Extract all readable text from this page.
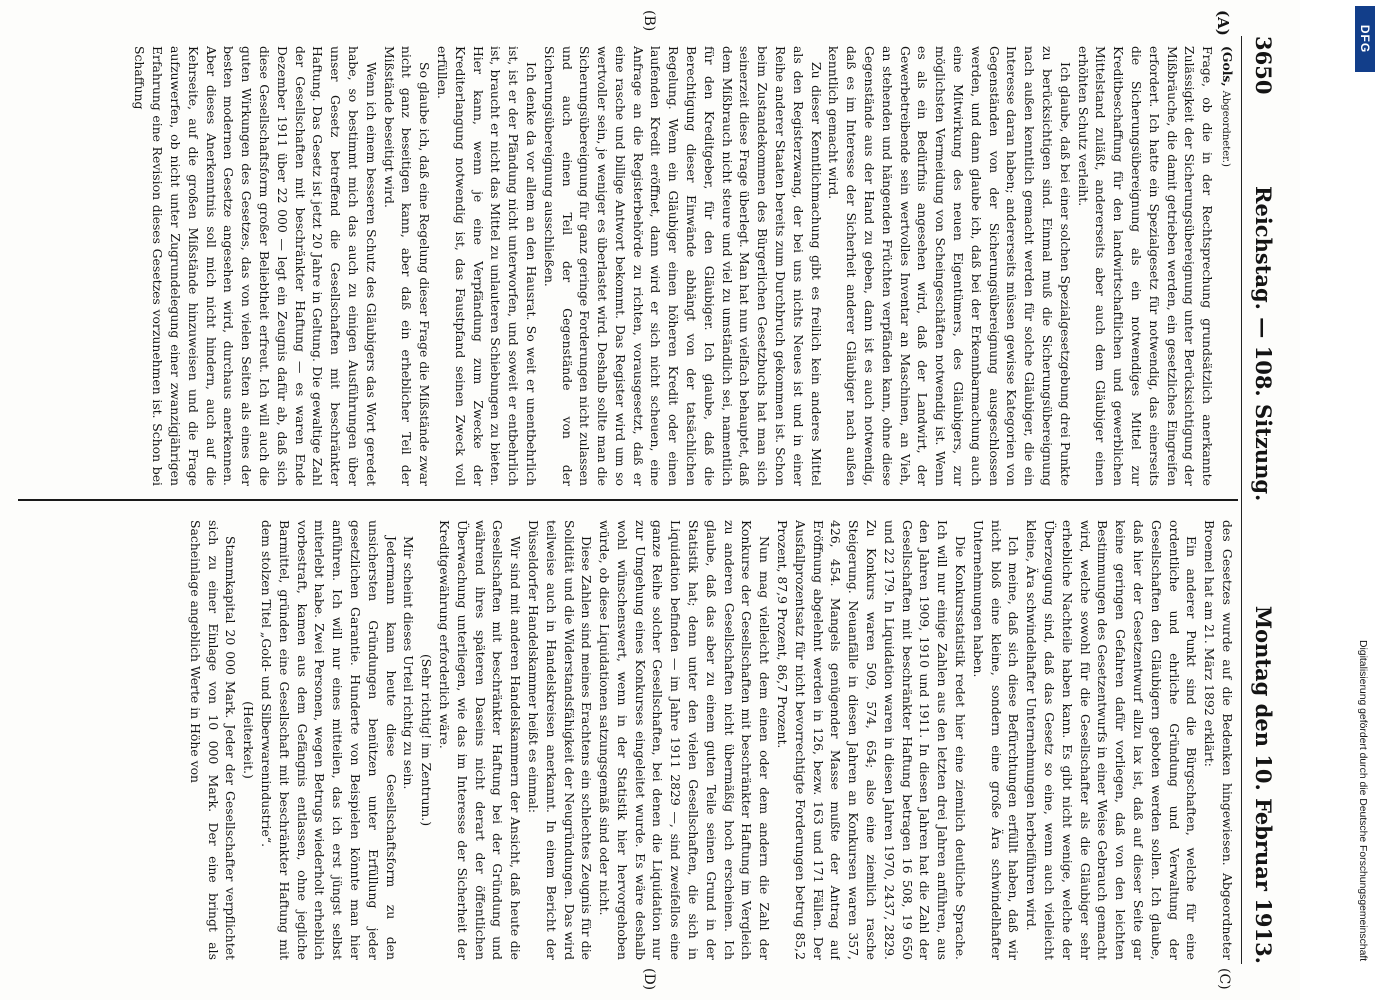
3650
Reichstag. — 108. Sitzung.
Montag den 10. Februar 1913.
(A)
(B)
(C)
(D)

(Gols, Abgeordneter.)

Frage, ob die in der Rechtsprechung grundsätzlich anerkannte Zulässigkeit der Sicherungsübereignung unter Berücksichtigung der Mißbräuche, die damit getrieben werden, ein gesetzliches Eingreifen erfordert. Ich hatte ein Spezialgesetz für notwendig, das einerseits die Sicherungsübereignung als ein notwendiges Mittel zur Kreditbeschaffung für den landwirtschaftlichen und gewerblichen Mittelstand zuläßt, andererseits aber auch dem Gläubiger einen erhöhten Schutz verleiht.

Ich glaube, daß bei einer solchen Spezialgesetzgebung drei Punkte zu berücksichtigen sind. Einmal muß die Sicherungsübereignung nach außen kenntlich gemacht werden für solche Gläubiger, die ein Interesse daran haben; andererseits müssen gewisse Kategorien von Gegenständen von der Sicherungsübereignung ausgeschlossen werden, und dann glaube ich, daß bei der Erkennbarmachung auch eine Mitwirkung des neuen Eigentümers, des Gläubigers, zur möglichsten Vermeidung von Scheingeschäften notwendig ist. Wenn es als ein Bedürfnis angesehen wird, daß der Landwirt, der Gewerbetreibende sein wertvolles Inventar an Maschinen, an Vieh, an stehenden und hängenden Früchten verpfänden kann, ohne diese Gegenstände aus der Hand zu geben, dann ist es auch notwendig, daß es im Interesse der Sicherheit anderer Gläubiger nach außen kenntlich gemacht wird.

Zu dieser Kenntlichmachung gibt es freilich kein anderes Mittel als den Registerzwang, der bei uns nichts Neues ist und in einer Reihe anderer Staaten bereits zum Durchbruch gekommen ist. Schon beim Zustandekommen des Bürgerlichen Gesetzbuchs hat man sich seinerzeit diese Frage überlegt. Man hat nun vielfach behauptet, daß dem Mißbrauch nicht steure und viel zu umständlich sei, namentlich für den Kreditgeber, für den Gläubiger. Ich glaube, daß die Berechtigung dieser Einwände abhängt von der tatsächlichen Regelung. Wenn ein Gläubiger einen höheren Kredit oder einen laufenden Kredit eröffnet, dann wird er sich nicht scheuen, eine Anfrage an die Registerbehörde zu richten, vorausgesetzt, daß er eine rasche und billige Antwort bekommt. Das Register wird um so wertvoller sein, je weniger es überlastet wird. Deshalb sollte man die Sicherungsübereignung für ganz geringe Forderungen nicht zulassen und auch einen Teil der Gegenstände von der Sicherungsübereignung ausschließen.

Ich denke da vor allem an den Hausrat. So weit er unentbehrlich ist, ist er der Pfändung nicht unterworfen, und soweit er entbehrlich ist, braucht er nicht das Mittel zu unlauteren Schiebungen zu bieten. Hier kann, wenn je eine Verpfändung zum Zwecke der Krediterlangung notwendig ist, das Faustpfand seinen Zweck voll erfüllen.

So glaube ich, daß eine Regelung dieser Frage die Mißstände zwar nicht ganz beseitigen kann, aber daß ein erheblicher Teil der Mißstände beseitigt wird.

Wenn ich einem besseren Schutz des Gläubigers das Wort geredet habe, so bestimmt mich das auch zu einigen Ausführungen über unser Gesetz betreffend die Gesellschaften mit beschränkter Haftung. Das Gesetz ist jetzt 20 Jahre in Geltung. Die gewaltige Zahl der Gesellschaften mit beschränkter Haftung — es waren Ende Dezember 1911 über 22 000 — legt ein Zeugnis dafür ab, daß sich diese Gesellschaftsform großer Beliebtheit erfreut. Ich will auch die guten Wirkungen des Gesetzes, das von vielen Seiten als eines der besten modernen Gesetze angesehen wird, durchaus anerkennen. Aber dieses Anerkenntnis soll mich nicht hindern, auch auf die Kehrseite, auf die großen Mißstände hinzuweisen und die Frage aufzuwerfen, ob nicht unter Zugrundelegung einer zwanzigjährigen Erfahrung eine Revision dieses Gesetzes vorzunehmen ist. Schon bei Schaffung

des Gesetzes wurde auf die Bedenken hingewiesen. Abgeordneter Broemel hat am 21. März 1892 erklärt:

Ein anderer Punkt sind die Bürgschaften, welche für eine ordentliche und ehrliche Gründung und Verwaltung der Gesellschaften den Gläubigern geboten werden sollen. Ich glaube, daß hier der Gesetzentwurf allzu lax ist, daß auf dieser Seite gar keine geringen Gefahren dafür vorliegen, daß von den leichten Bestimmungen des Gesetzentwurfs in einer Weise Gebrauch gemacht wird, welche sowohl für die Gesellschafter als die Gläubiger sehr erhebliche Nachteile haben kann. Es gibt nicht wenige, welche der Überzeugung sind, daß das Gesetz so eine, wenn auch vielleicht kleine, Ära schwindelhafter Unternehmungen herbeiführen wird.

Ich meine, daß sich diese Befürchtungen erfüllt haben, daß wir nicht bloß eine kleine, sondern eine große Ära schwindelhafter Unternehmungen haben.

Die Konkursstatistik redet hier eine ziemlich deutliche Sprache. Ich will nur einige Zahlen aus den letzten drei Jahren anführen, aus den Jahren 1909, 1910 und 1911. In diesen Jahren hat die Zahl der Gesellschaften mit beschränkter Haftung betragen 16 508, 19 650 und 22 179. In Liquidation waren in diesen Jahren 1970, 2437, 2829. Zu Konkurs waren 509, 574, 654; also eine ziemlich rasche Steigerung. Neuanfälle in diesen Jahren an Konkursen waren 357, 426, 454. Mangels genügender Masse mußte der Antrag auf Eröffnung abgelehnt werden in 126, bezw. 163 und 171 Fällen. Der Ausfallprozentsatz für nicht bevorrechtigte Forderungen betrug 85,2 Prozent, 87,9 Prozent, 86,7 Prozent.

Nun mag vielleicht dem einen oder dem andern die Zahl der Konkurse der Gesellschaften mit beschränkter Haftung im Vergleich zu anderen Gesellschaften nicht übermäßig hoch erscheinen. Ich glaube, daß das aber zu einem guten Teile seinen Grund in der Statistik hat; denn unter den vielen Gesellschaften, die sich in Liquidation befinden — im Jahre 1911 2829 —, sind zweifellos eine ganze Reihe solcher Gesellschaften, bei denen die Liquidation nur zur Umgehung eines Konkurses eingeleitet wurde. Es wäre deshalb wohl wünschenswert, wenn in der Statistik hier hervorgehoben würde, ob diese Liquidationen satzungsgemäß sind oder nicht.

Diese Zahlen sind meines Erachtens ein schlechtes Zeugnis für die Solidität und die Widerstandsfähigkeit der Neugründungen. Das wird teilweise auch in Handelskreisen anerkannt. In einem Bericht der Düsseldorfer Handelskammer heißt es einmal:

Wir sind mit anderen Handelskammern der Ansicht, daß heute die Gesellschaften mit beschränkter Haftung bei der Gründung und während ihres späteren Daseins nicht derart der öffentlichen Überwachung unterliegen, wie das im Interesse der Sicherheit der Kreditgewährung erforderlich wäre.

(Sehr richtig! im Zentrum.)

Mir scheint dieses Urteil richtig zu sein.

Jedermann kann heute diese Gesellschaftsform zu den unsichersten Gründungen benützen unter Erfüllung jeder gesetzlichen Garantie. Hunderte von Beispielen könnte man hier anführen. Ich will nur eines mitteilen, das ich erst jüngst selbst miterlebt habe. Zwei Personen, wegen Betrugs wiederholt erheblich vorbestraft, kamen aus dem Gefängnis entlassen, ohne jegliche Barmittel, gründen eine Gesellschaft mit beschränkter Haftung mit dem stolzen Titel „Gold- und Silberwarenindustrie“.

(Heiterkeit.)

Stammkapital 20 000 Mark. Jeder der Gesellschafter verpflichtet sich zu einer Einlage von 10 000 Mark. Der eine bringt als Sacheinlage angeblich Werte in Höhe von

DFG
Digitalisierung gefördert durch die Deutsche Forschungsgemeinschaft
